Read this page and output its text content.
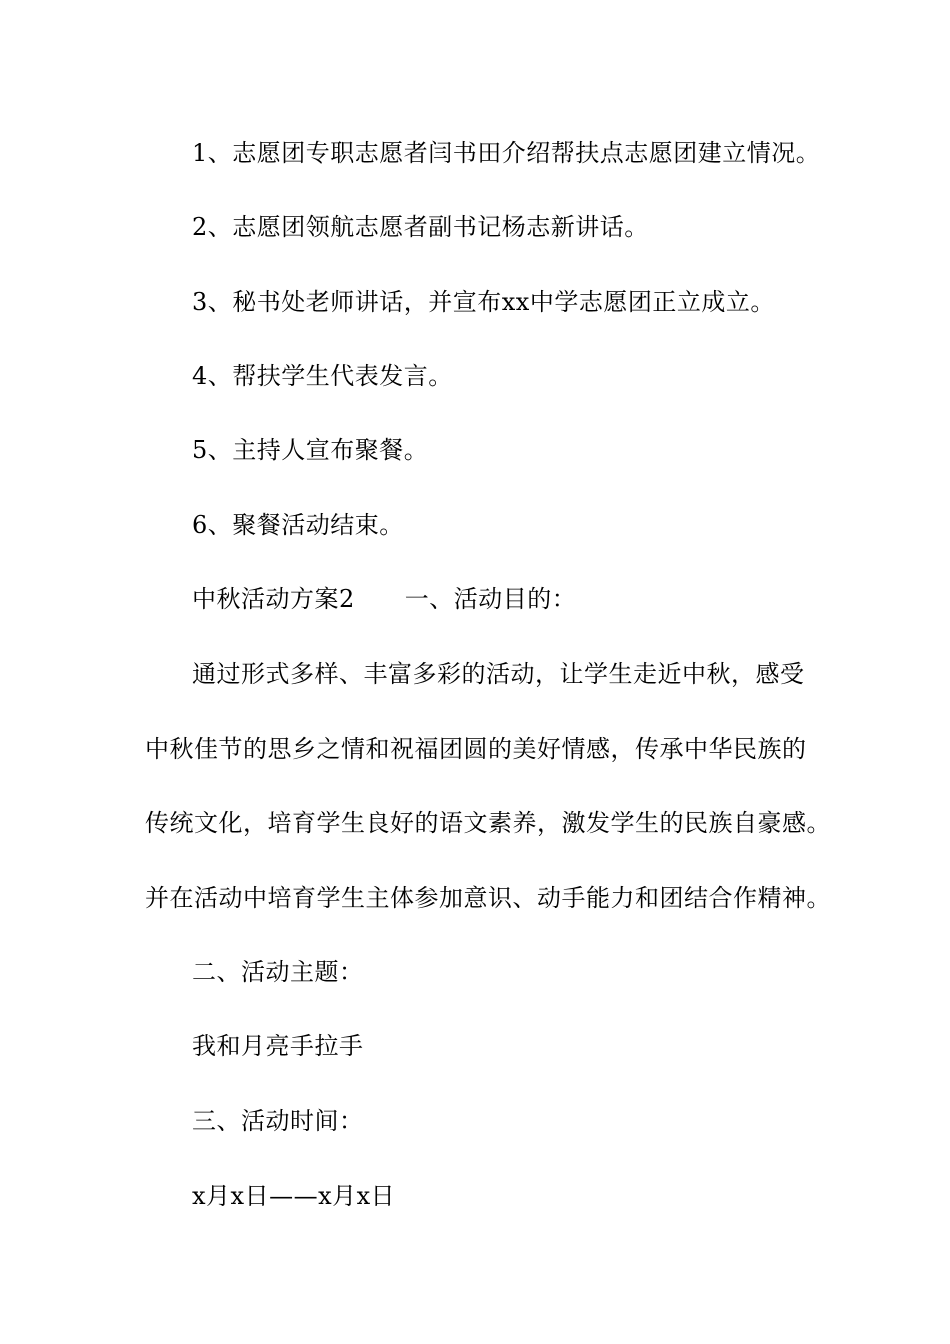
1、志愿团专职志愿者闫书田介绍帮扶点志愿团建立情况。
2、志愿团领航志愿者副书记杨志新讲话。
3、秘书处老师讲话，并宣布xx中学志愿团正立成立。
4、帮扶学生代表发言。
5、主持人宣布聚餐。
6、聚餐活动结束。
中秋活动方案2 一、活动目的：
通过形式多样、丰富多彩的活动，让学生走近中秋，感受
中秋佳节的思乡之情和祝福团圆的美好情感，传承中华民族的
传统文化，培育学生良好的语文素养，激发学生的民族自豪感。
并在活动中培育学生主体参加意识、动手能力和团结合作精神。
二、活动主题：
我和月亮手拉手
三、活动时间：
x月x日——x月x日
